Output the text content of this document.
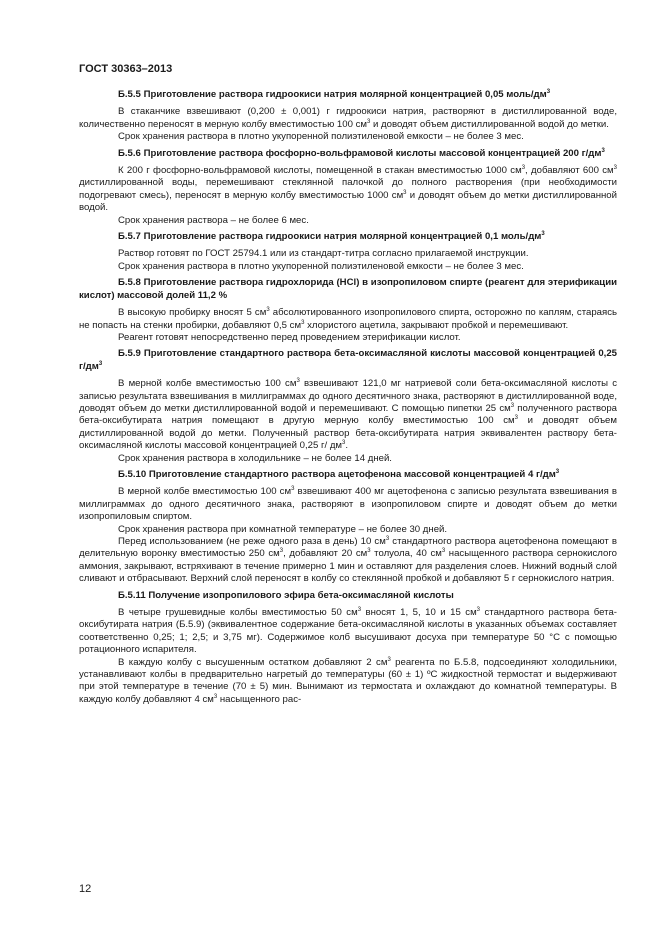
ГОСТ 30363–2013

Б.5.5 Приготовление раствора гидроокиси натрия молярной концентрацией 0,05 моль/$дм^3$

В стаканчике взвешивают (0,200 ± 0,001) г гидроокиси натрия, растворяют в дистиллированной воде, количественно переносят в мерную колбу вместимостью 100 $см^3$ и доводят объем дистиллированной водой до метки.

Срок хранения раствора в плотно укупоренной полиэтиленовой емкости – не более 3 мес.

Б.5.6 Приготовление раствора фосфорно-вольфрамовой кислоты массовой концентрацией 200 $г/дм^3$

К 200 г фосфорно-вольфрамовой кислоты, помещенной в стакан вместимостью 1000 $см^3$, добавляют 600 $см^3$ дистиллированной воды, перемешивают стеклянной палочкой до полного растворения (при необходимости подогревают смесь), переносят в мерную колбу вместимостью 1000 $см^3$ и доводят объем до метки дистиллированной водой.

Срок хранения раствора – не более 6 мес.

Б.5.7 Приготовление раствора гидроокиси натрия молярной концентрацией 0,1 моль/$дм^3$

Раствор готовят по ГОСТ 25794.1 или из стандарт-титра согласно прилагаемой инструкции.

Срок хранения раствора в плотно укупоренной полиэтиленовой емкости – не более 3 мес.

Б.5.8 Приготовление раствора гидрохлорида (HCl) в изопропиловом спирте (реагент для этерификации кислот) массовой долей 11,2 %

В высокую пробирку вносят 5 $см^3$ абсолютированного изопропилового спирта, осторожно по каплям, стараясь не попасть на стенки пробирки, добавляют 0,5 $см^3$ хлористого ацетила, закрывают пробкой и перемешивают.

Реагент готовят непосредственно перед проведением этерификации кислот.

Б.5.9 Приготовление стандартного раствора бета-оксимасляной кислоты массовой концентрацией 0,25 $г/дм^3$

В мерной колбе вместимостью 100 $см^3$ взвешивают 121,0 мг натриевой соли бета-оксимасляной кислоты с записью результата взвешивания в миллиграммах до одного десятичного знака, растворяют в дистиллированной воде, доводят объем до метки дистиллированной водой и перемешивают. С помощью пипетки 25 $см^3$ полученного раствора бета-оксибутирата натрия помещают в другую мерную колбу вместимостью 100 $см^3$ и доводят объем дистиллированной водой до метки. Полученный раствор бета-оксибутирата натрия эквивалентен раствору бета-оксимасляной кислоты массовой концентрацией 0,25 г/ $дм^3$.

Срок хранения раствора в холодильнике – не более 14 дней.

Б.5.10 Приготовление стандартного раствора ацетофенона массовой концентрацией 4 $г/дм^3$

В мерной колбе вместимостью 100 $см^3$ взвешивают 400 мг ацетофенона с записью результата взвешивания в миллиграммах до одного десятичного знака, растворяют в изопропиловом спирте и доводят объем до метки изопропиловым спиртом.

Срок хранения раствора при комнатной температуре – не более 30 дней.

Перед использованием (не реже одного раза в день) 10 $см^3$ стандартного раствора ацетофенона помещают в делительную воронку вместимостью 250 $см^3$, добавляют 20 $см^3$ толуола, 40 $см^3$ насыщенного раствора сернокислого аммония, закрывают, встряхивают в течение примерно 1 мин и оставляют для разделения слоев. Нижний водный слой сливают и отбрасывают. Верхний слой переносят в колбу со стеклянной пробкой и добавляют 5 г сернокислого натрия.

Б.5.11 Получение изопропилового эфира бета-оксимасляной кислоты

В четыре грушевидные колбы вместимостью 50 $см^3$ вносят 1, 5, 10 и 15 $см^3$ стандартного раствора бета-оксибутирата натрия (Б.5.9) (эквивалентное содержание бета-оксимасляной кислоты в указанных объемах составляет соответственно 0,25; 1; 2,5; и 3,75 мг). Содержимое колб высушивают досуха при температуре 50 °С с помощью ротационного испарителя.

В каждую колбу с высушенным остатком добавляют 2 $см^3$ реагента по Б.5.8, подсоединяют холодильники, устанавливают колбы в предварительно нагретый до температуры (60 ± 1) ºС жидкостной термостат и выдерживают при этой температуре в течение (70 ± 5) мин. Вынимают из термостата и охлаждают до комнатной температуры. В каждую колбу добавляют 4 $см^3$ насыщенного рас-

12
